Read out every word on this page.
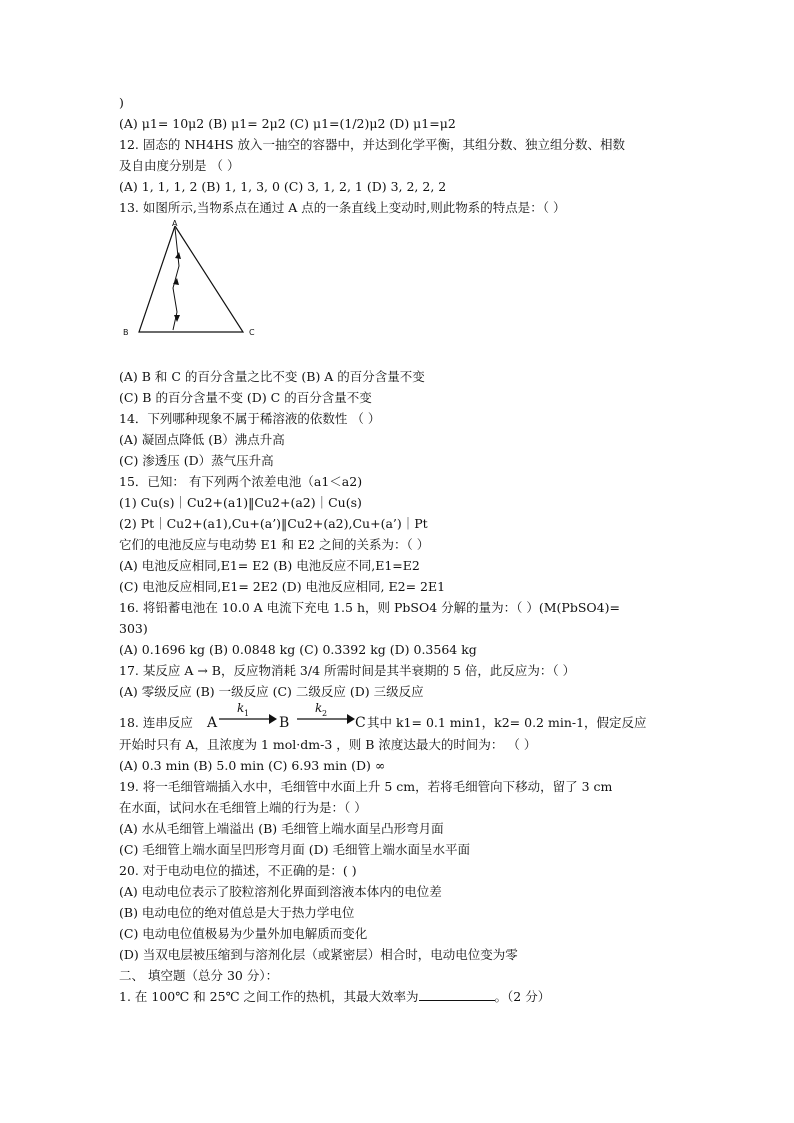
)
(A) μ1= 10μ2 (B) μ1= 2μ2 (C) μ1=(1/2)μ2 (D) μ1=μ2
12. 固态的 NH4HS 放入一抽空的容器中，并达到化学平衡，其组分数、独立组分数、相数
及自由度分别是 （ ）
(A) 1, 1, 1, 2 (B) 1, 1, 3, 0 (C) 3, 1, 2, 1 (D) 3, 2, 2, 2
13. 如图所示,当物系点在通过 A 点的一条直线上变动时,则此物系的特点是：（ ）
A
B	C
(A) B 和 C 的百分含量之比不变 (B) A 的百分含量不变
(C) B 的百分含量不变 (D) C 的百分含量不变
14．下列哪种现象不属于稀溶液的依数性 （ ）
(A) 凝固点降低 (B）沸点升高
(C) 渗透压 (D）蒸气压升高
15．已知： 有下列两个浓差电池（a1＜a2)
(1) Cu(s)｜Cu2+(a1)‖Cu2+(a2)｜Cu(s)
(2) Pt｜Cu2+(a1),Cu+(a’)‖Cu2+(a2),Cu+(a’)｜Pt
它们的电池反应与电动势 E1 和 E2 之间的关系为：（ ）
(A) 电池反应相同,E1= E2 (B) 电池反应不同,E1=E2
(C) 电池反应相同,E1= 2E2 (D) 电池反应相同, E2= 2E1
16. 将铅蓄电池在 10.0 A 电流下充电 1.5 h，则 PbSO4 分解的量为：（ ）(M(PbSO4)=
303)
(A) 0.1696 kg (B) 0.0848 kg (C) 0.3392 kg (D) 0.3564 kg
17. 某反应 A → B，反应物消耗 3/4 所需时间是其半衰期的 5 倍，此反应为：（ ）
(A) 零级反应 (B) 一级反应 (C) 二级反应 (D) 三级反应
18. 连串反应 A
k 1
B
k 2
C 其中 k1= 0.1 min1，k2= 0.2 min-1，假定反应
开始时只有 A，且浓度为 1 mol·dm-3 ，则 B 浓度达最大的时间为： （ ）
(A) 0.3 min (B) 5.0 min (C) 6.93 min (D) ∞
19. 将一毛细管端插入水中，毛细管中水面上升 5 cm，若将毛细管向下移动，留了 3 cm
在水面，试问水在毛细管上端的行为是：（ ）
(A) 水从毛细管上端溢出 (B) 毛细管上端水面呈凸形弯月面
(C) 毛细管上端水面呈凹形弯月面 (D) 毛细管上端水面呈水平面
20. 对于电动电位的描述，不正确的是：( )
(A) 电动电位表示了胶粒溶剂化界面到溶液本体内的电位差
(B) 电动电位的绝对值总是大于热力学电位
(C) 电动电位值极易为少量外加电解质而变化
(D) 当双电层被压缩到与溶剂化层（或紧密层）相合时，电动电位变为零
二、 填空题（总分 30 分）：
1. 在 100℃ 和 25℃ 之间工作的热机，其最大效率为	。（2 分）
